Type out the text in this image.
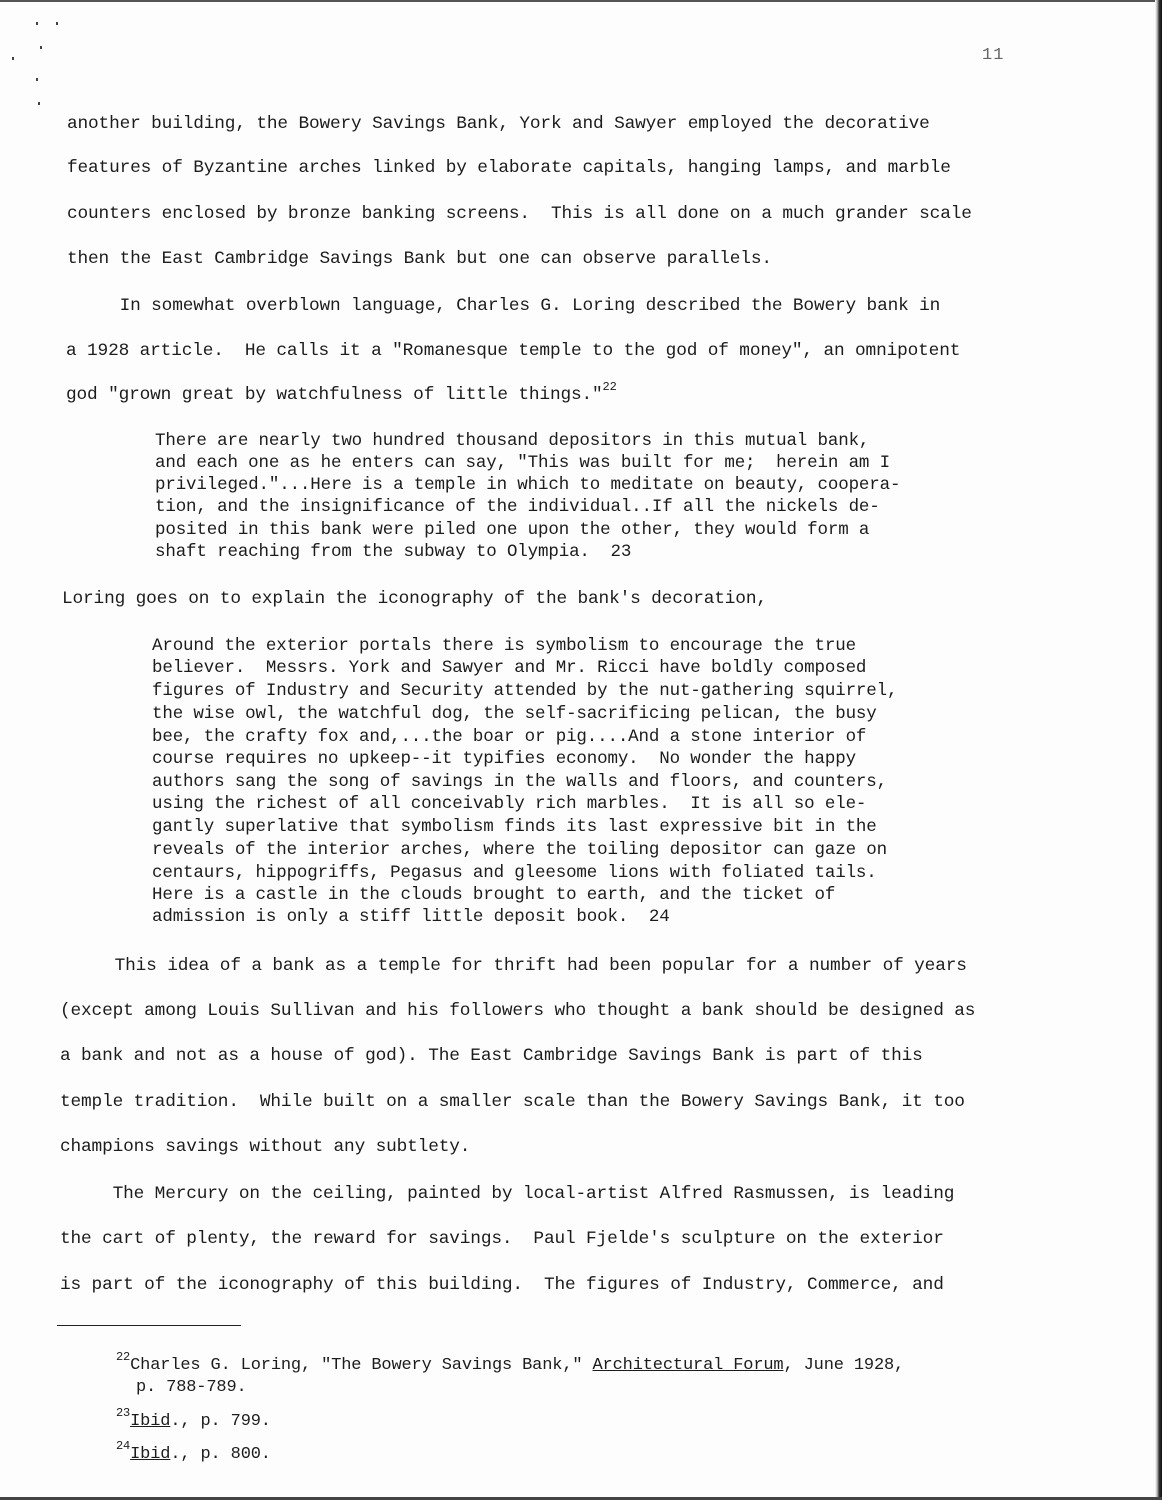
11
another building, the Bowery Savings Bank, York and Sawyer employed the decorative
features of Byzantine arches linked by elaborate capitals, hanging lamps, and marble
counters enclosed by bronze banking screens.  This is all done on a much grander scale
then the East Cambridge Savings Bank but one can observe parallels.
In somewhat overblown language, Charles G. Loring described the Bowery bank in
a 1928 article.  He calls it a "Romanesque temple to the god of money", an omnipotent
god "grown great by watchfulness of little things."$^{22}$
There are nearly two hundred thousand depositors in this mutual bank,
and each one as he enters can say, "This was built for me;  herein am I
privileged."...Here is a temple in which to meditate on beauty, coopera-
tion, and the insignificance of the individual..If all the nickels de-
posited in this bank were piled one upon the other, they would form a
shaft reaching from the subway to Olympia.  23
Loring goes on to explain the iconography of the bank's decoration,
Around the exterior portals there is symbolism to encourage the true
believer.  Messrs. York and Sawyer and Mr. Ricci have boldly composed
figures of Industry and Security attended by the nut-gathering squirrel,
the wise owl, the watchful dog, the self-sacrificing pelican, the busy
bee, the crafty fox and,...the boar or pig....And a stone interior of
course requires no upkeep--it typifies economy.  No wonder the happy
authors sang the song of savings in the walls and floors, and counters,
using the richest of all conceivably rich marbles.  It is all so ele-
gantly superlative that symbolism finds its last expressive bit in the
reveals of the interior arches, where the toiling depositor can gaze on
centaurs, hippogriffs, Pegasus and gleesome lions with foliated tails.
Here is a castle in the clouds brought to earth, and the ticket of
admission is only a stiff little deposit book.  24
This idea of a bank as a temple for thrift had been popular for a number of years
(except among Louis Sullivan and his followers who thought a bank should be designed as
a bank and not as a house of god). The East Cambridge Savings Bank is part of this
temple tradition.  While built on a smaller scale than the Bowery Savings Bank, it too
champions savings without any subtlety.
The Mercury on the ceiling, painted by local-artist Alfred Rasmussen, is leading
the cart of plenty, the reward for savings.  Paul Fjelde's sculpture on the exterior
is part of the iconography of this building.  The figures of Industry, Commerce, and
$^{22}$Charles G. Loring, "The Bowery Savings Bank," Architectural Forum, June 1928,
p. 788-789.
$^{23}$Ibid., p. 799.
$^{24}$Ibid., p. 800.
